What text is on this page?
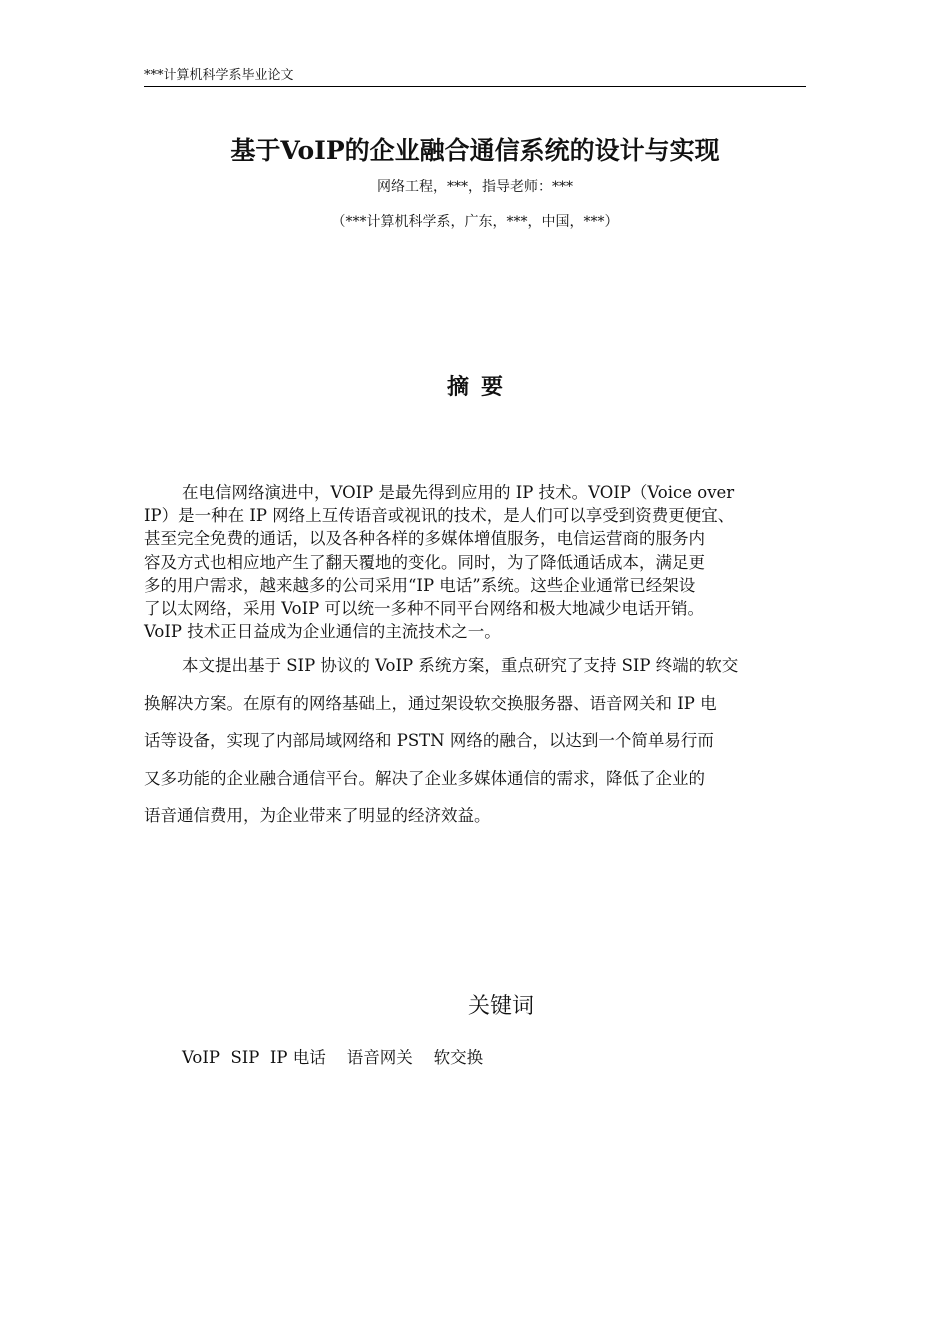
***计算机科学系毕业论文
基于VoIP的企业融合通信系统的设计与实现
网络工程，***，指导老师：***
（***计算机科学系，广东，***，中国，***）
摘要
在电信网络演进中，VOIP 是最先得到应用的 IP 技术。VOIP（Voice over
IP）是一种在 IP 网络上互传语音或视讯的技术，是人们可以享受到资费更便宜、
甚至完全免费的通话，以及各种各样的多媒体增值服务，电信运营商的服务内
容及方式也相应地产生了翻天覆地的变化。同时，为了降低通话成本，满足更
多的用户需求，越来越多的公司采用“IP 电话”系统。这些企业通常已经架设
了以太网络，采用 VoIP 可以统一多种不同平台网络和极大地减少电话开销。
VoIP 技术正日益成为企业通信的主流技术之一。
本文提出基于 SIP 协议的 VoIP 系统方案，重点研究了支持 SIP 终端的软交
换解决方案。在原有的网络基础上，通过架设软交换服务器、语音网关和 IP 电
话等设备，实现了内部局域网络和 PSTN 网络的融合，以达到一个简单易行而
又多功能的企业融合通信平台。解决了企业多媒体通信的需求，降低了企业的
语音通信费用，为企业带来了明显的经济效益。
关键词
VoIP  SIP  IP 电话    语音网关    软交换
